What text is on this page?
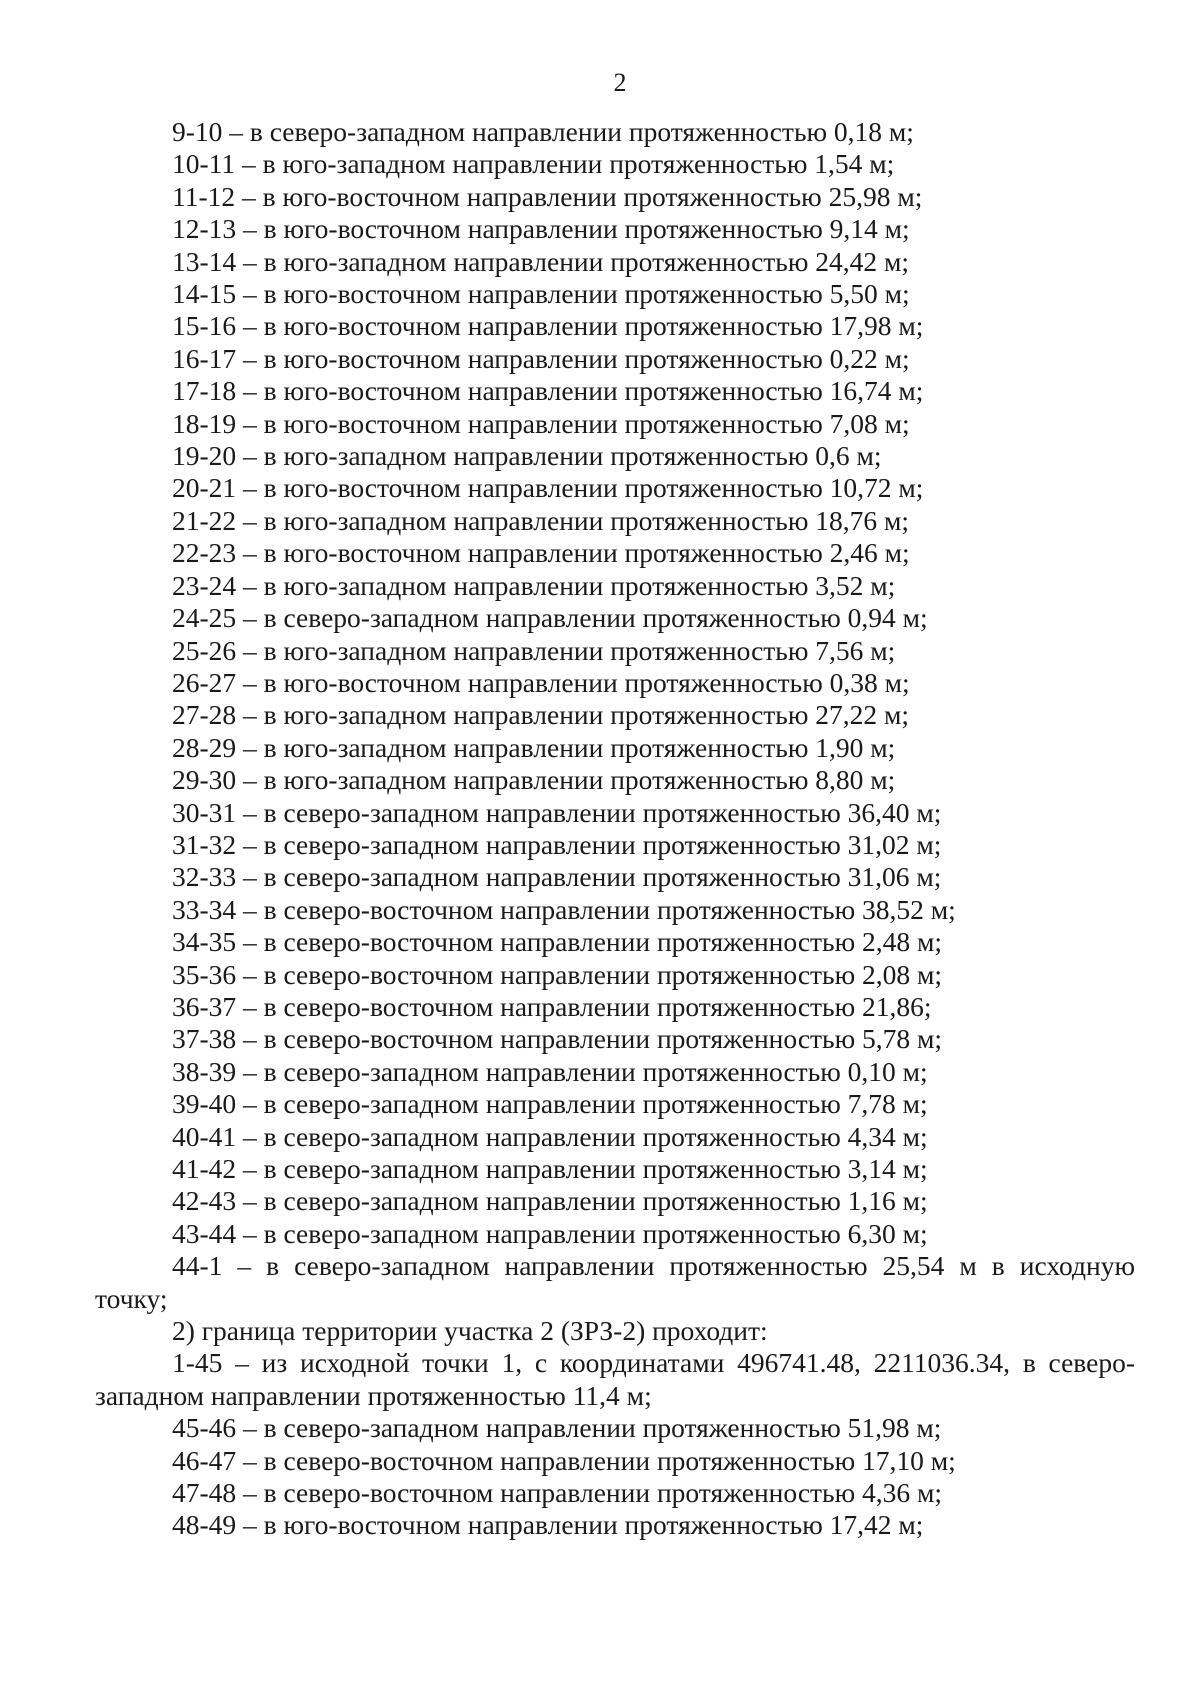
2
9-10 – в северо-западном направлении протяженностью 0,18 м;
10-11 – в юго-западном направлении протяженностью 1,54 м;
11-12 – в юго-восточном направлении протяженностью 25,98 м;
12-13 – в юго-восточном направлении протяженностью 9,14 м;
13-14 – в юго-западном направлении протяженностью 24,42 м;
14-15 – в юго-восточном направлении протяженностью 5,50 м;
15-16 – в юго-восточном направлении протяженностью 17,98 м;
16-17 – в юго-восточном направлении протяженностью 0,22 м;
17-18 – в юго-восточном направлении протяженностью 16,74 м;
18-19 – в юго-восточном направлении протяженностью 7,08 м;
19-20 – в юго-западном направлении протяженностью 0,6 м;
20-21 – в юго-восточном направлении протяженностью 10,72 м;
21-22 – в юго-западном направлении протяженностью 18,76 м;
22-23 – в юго-восточном направлении протяженностью 2,46 м;
23-24 – в юго-западном направлении протяженностью 3,52 м;
24-25 – в северо-западном направлении протяженностью 0,94 м;
25-26 – в юго-западном направлении протяженностью 7,56 м;
26-27 – в юго-восточном направлении протяженностью 0,38 м;
27-28 – в юго-западном направлении протяженностью 27,22 м;
28-29 – в юго-западном направлении протяженностью 1,90 м;
29-30 – в юго-западном направлении протяженностью 8,80 м;
30-31 – в северо-западном направлении протяженностью 36,40 м;
31-32 – в северо-западном направлении протяженностью 31,02 м;
32-33 – в северо-западном направлении протяженностью 31,06 м;
33-34 – в северо-восточном направлении протяженностью 38,52 м;
34-35 – в северо-восточном направлении протяженностью 2,48 м;
35-36 – в северо-восточном направлении протяженностью 2,08 м;
36-37 – в северо-восточном направлении протяженностью 21,86;
37-38 – в северо-восточном направлении протяженностью 5,78 м;
38-39 – в северо-западном направлении протяженностью 0,10 м;
39-40 – в северо-западном направлении протяженностью 7,78 м;
40-41 – в северо-западном направлении протяженностью 4,34 м;
41-42 – в северо-западном направлении протяженностью 3,14 м;
42-43 – в северо-западном направлении протяженностью 1,16 м;
43-44 – в северо-западном направлении протяженностью 6,30 м;
44-1 – в северо-западном направлении протяженностью 25,54 м в исходную
точку;
2) граница территории участка 2 (ЗРЗ-2) проходит:
1-45 – из исходной точки 1, с координатами 496741.48, 2211036.34, в северо-
западном направлении протяженностью 11,4 м;
45-46 – в северо-западном направлении протяженностью 51,98 м;
46-47 – в северо-восточном направлении протяженностью 17,10 м;
47-48 – в северо-восточном направлении протяженностью 4,36 м;
48-49 – в юго-восточном направлении протяженностью 17,42 м;
